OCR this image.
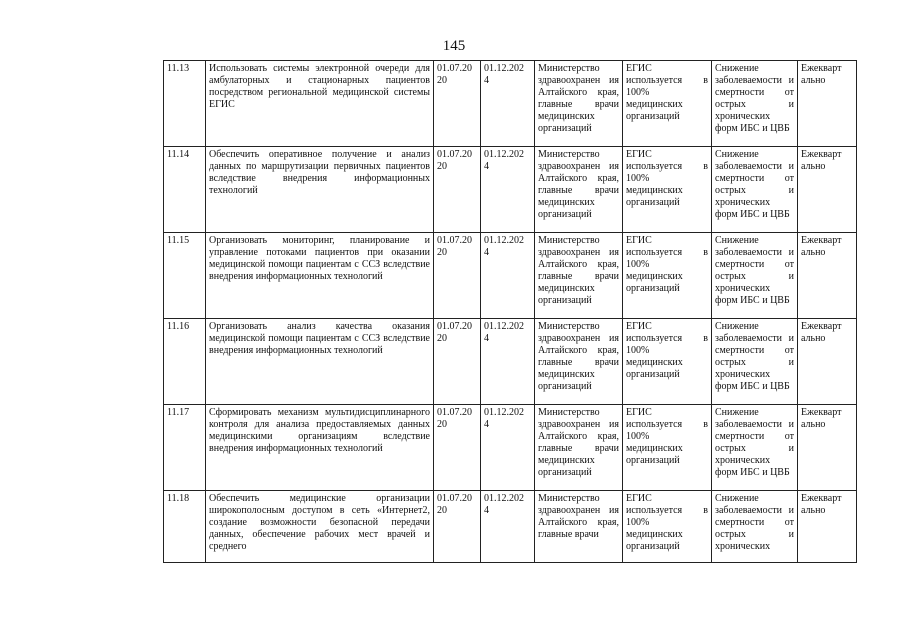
145
11.13	Использовать системы электронной очереди для амбулаторных и стационарных пациентов посредством региональной медицинской системы ЕГИС	01.07.20 20	01.12.202 4	Министерство здравоохранен ия Алтайского края, главные врачи медицинских организаций	ЕГИС используется в 100% медицинских организаций	Снижение заболеваемости и смертности от острых и хронических форм ИБС и ЦВБ	Ежекварт ально
11.14	Обеспечить оперативное получение и анализ данных по маршрутизации первичных пациентов вследствие внедрения информационных технологий	01.07.20 20	01.12.202 4	Министерство здравоохранен ия Алтайского края, главные врачи медицинских организаций	ЕГИС используется в 100% медицинских организаций	Снижение заболеваемости и смертности от острых и хронических форм ИБС и ЦВБ	Ежекварт ально
11.15	Организовать мониторинг, планирование и управление потоками пациентов при оказании медицинской помощи пациентам с ССЗ вследствие внедрения информационных технологий	01.07.20 20	01.12.202 4	Министерство здравоохранен ия Алтайского края, главные врачи медицинских организаций	ЕГИС используется в 100% медицинских организаций	Снижение заболеваемости и смертности от острых и хронических форм ИБС и ЦВБ	Ежекварт ально
11.16	Организовать анализ качества оказания медицинской помощи пациентам с ССЗ вследствие внедрения информационных технологий	01.07.20 20	01.12.202 4	Министерство здравоохранен ия Алтайского края, главные врачи медицинских организаций	ЕГИС используется в 100% медицинских организаций	Снижение заболеваемости и смертности от острых и хронических форм ИБС и ЦВБ	Ежекварт ально
11.17	Сформировать механизм мультидисциплинарного контроля для анализа предоставляемых данных медицинскими организациям вследствие внедрения информационных технологий	01.07.20 20	01.12.202 4	Министерство здравоохранен ия Алтайского края, главные врачи медицинских организаций	ЕГИС используется в 100% медицинских организаций	Снижение заболеваемости и смертности от острых и хронических форм ИБС и ЦВБ	Ежекварт ально
11.18	Обеспечить медицинские организации широкополосным доступом в сеть «Интернет2, создание возможности безопасной передачи данных, обеспечение рабочих мест врачей и среднего	01.07.20 20	01.12.202 4	Министерство здравоохранен ия Алтайского края, главные врачи	ЕГИС используется в 100% медицинских организаций	Снижение заболеваемости и смертности от острых и хронических	Ежекварт ально
